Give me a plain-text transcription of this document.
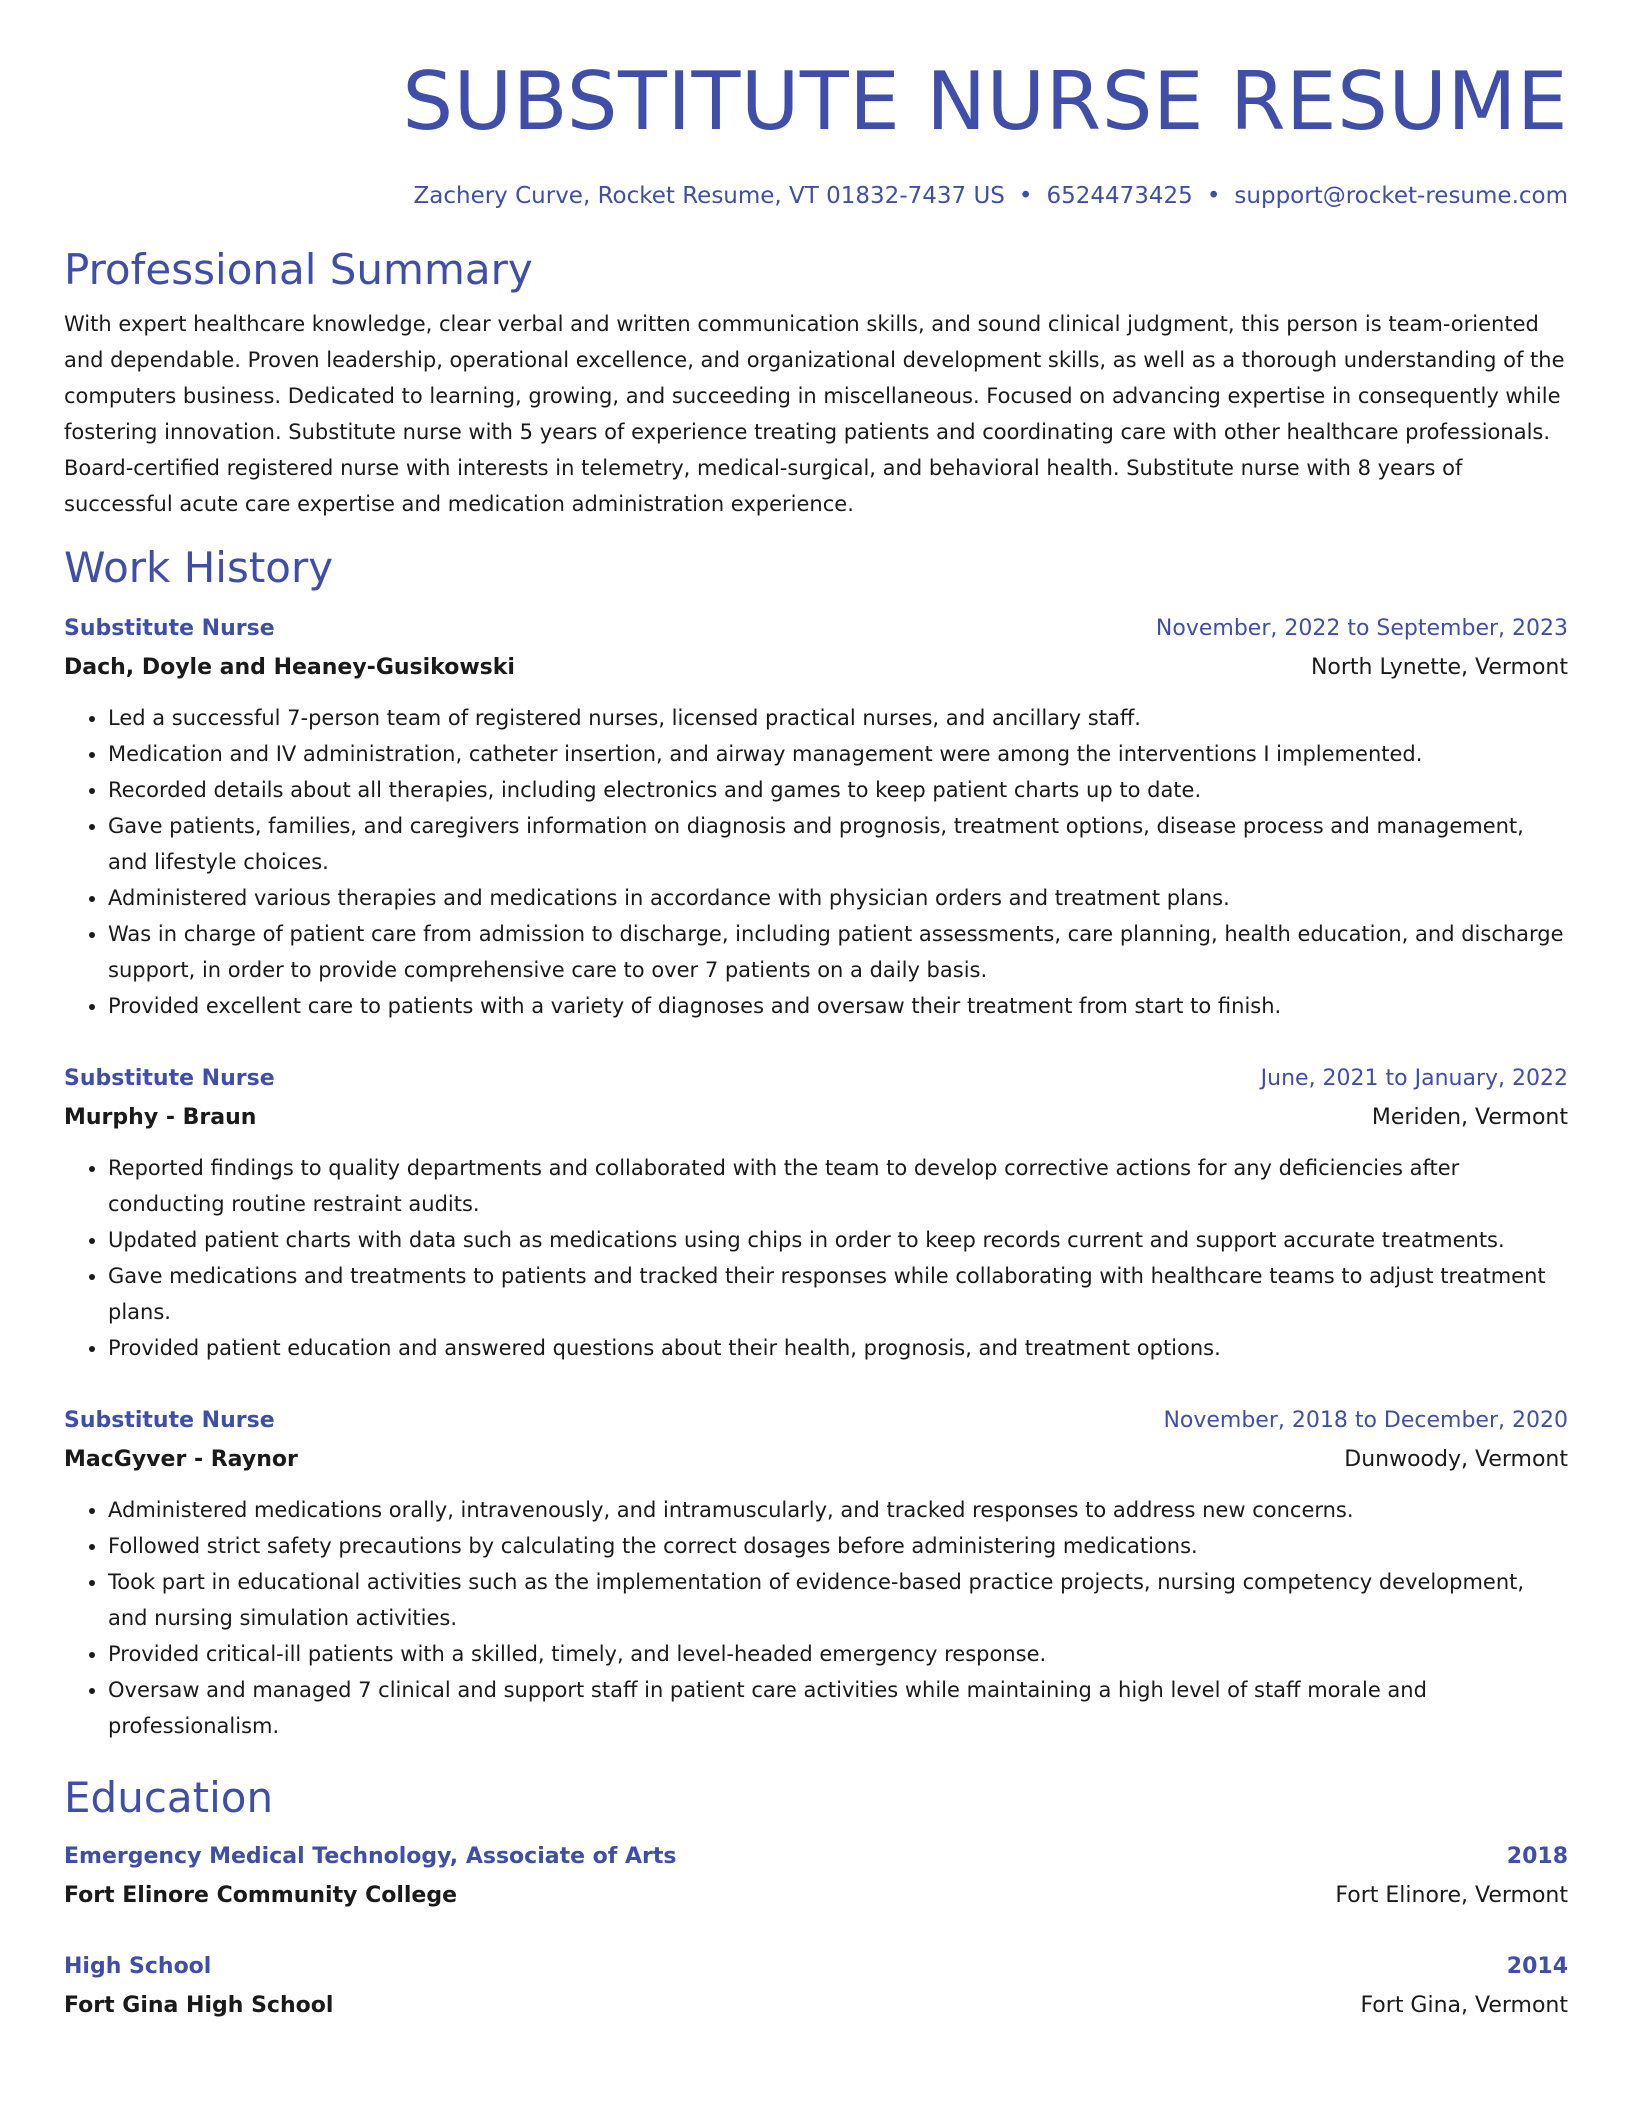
SUBSTITUTE NURSE RESUME
Zachery Curve, Rocket Resume, VT 01832-7437 US • 6524473425 • support@rocket-resume.com
Professional Summary

With expert healthcare knowledge, clear verbal and written communication skills, and sound clinical judgment, this person is team-oriented and dependable. Proven leadership, operational excellence, and organizational development skills, as well as a thorough understanding of the computers business. Dedicated to learning, growing, and succeeding in miscellaneous. Focused on advancing expertise in consequently while fostering innovation. Substitute nurse with 5 years of experience treating patients and coordinating care with other healthcare professionals. Board-certified registered nurse with interests in telemetry, medical-surgical, and behavioral health. Substitute nurse with 8 years of successful acute care expertise and medication administration experience.

Work History
Substitute Nurse	November, 2022 to September, 2023
Dach, Doyle and Heaney-Gusikowski	North Lynette, Vermont
• Led a successful 7-person team of registered nurses, licensed practical nurses, and ancillary staff.
• Medication and IV administration, catheter insertion, and airway management were among the interventions I implemented.
• Recorded details about all therapies, including electronics and games to keep patient charts up to date.
• Gave patients, families, and caregivers information on diagnosis and prognosis, treatment options, disease process and management, and lifestyle choices.
• Administered various therapies and medications in accordance with physician orders and treatment plans.
• Was in charge of patient care from admission to discharge, including patient assessments, care planning, health education, and discharge support, in order to provide comprehensive care to over 7 patients on a daily basis.
• Provided excellent care to patients with a variety of diagnoses and oversaw their treatment from start to finish.
Substitute Nurse	June, 2021 to January, 2022
Murphy - Braun	Meriden, Vermont
• Reported findings to quality departments and collaborated with the team to develop corrective actions for any deficiencies after conducting routine restraint audits.
• Updated patient charts with data such as medications using chips in order to keep records current and support accurate treatments.
• Gave medications and treatments to patients and tracked their responses while collaborating with healthcare teams to adjust treatment plans.
• Provided patient education and answered questions about their health, prognosis, and treatment options.
Substitute Nurse	November, 2018 to December, 2020
MacGyver - Raynor	Dunwoody, Vermont
• Administered medications orally, intravenously, and intramuscularly, and tracked responses to address new concerns.
• Followed strict safety precautions by calculating the correct dosages before administering medications.
• Took part in educational activities such as the implementation of evidence-based practice projects, nursing competency development, and nursing simulation activities.
• Provided critical-ill patients with a skilled, timely, and level-headed emergency response.
• Oversaw and managed 7 clinical and support staff in patient care activities while maintaining a high level of staff morale and professionalism.
Education
Emergency Medical Technology, Associate of Arts	2018
Fort Elinore Community College	Fort Elinore, Vermont
High School	2014
Fort Gina High School	Fort Gina, Vermont
